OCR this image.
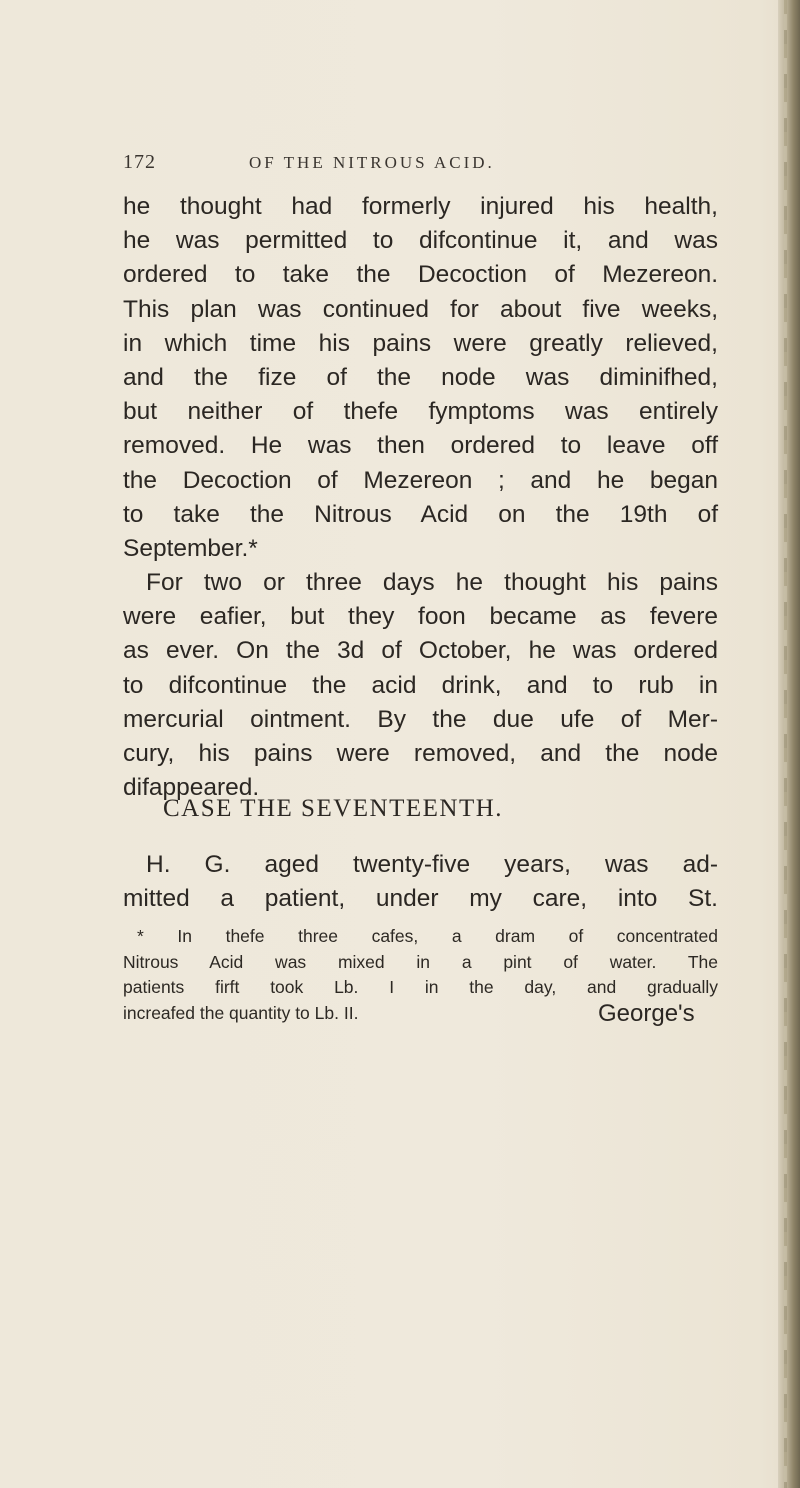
172	OF THE NITROUS ACID.
he thought had formerly injured his health,
he was permitted to difcontinue it, and was
ordered to take the Decoction of Mezereon.
This plan was continued for about five weeks,
in which time his pains were greatly relieved,
and the fize of the node was diminifhed,
but neither of thefe fymptoms was entirely
removed. He was then ordered to leave off
the Decoction of Mezereon ; and he began
to take the Nitrous Acid on the 19th of
September.*
For two or three days he thought his pains
were eafier, but they foon became as fevere
as ever. On the 3d of October, he was ordered
to difcontinue the acid drink, and to rub in
mercurial ointment. By the due ufe of Mer-
cury, his pains were removed, and the node
difappeared.
CASE THE SEVENTEENTH.
H. G. aged twenty-five years, was ad-
mitted a patient, under my care, into St.
* In thefe three cafes, a dram of concentrated
Nitrous Acid was mixed in a pint of water. The
patients firft took Lb. I in the day, and gradually
increafed the quantity to Lb. II.	George's
